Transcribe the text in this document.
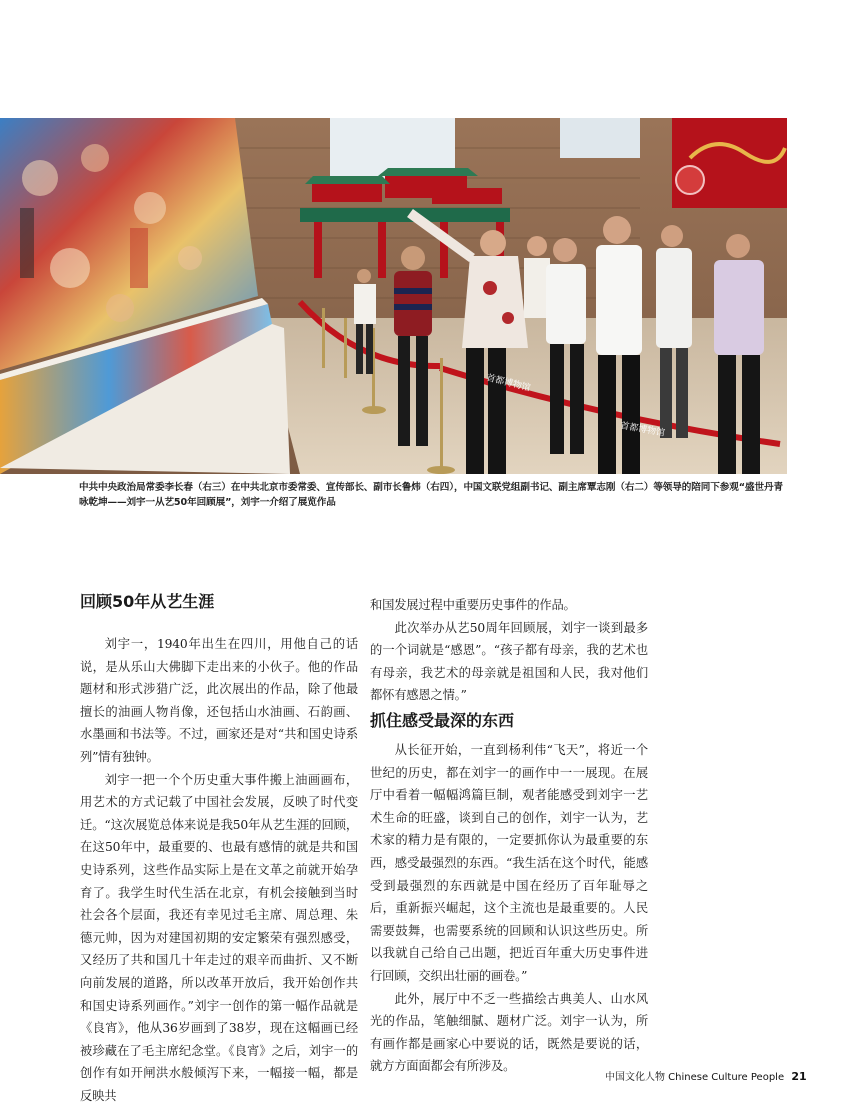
首都博物馆
首都博物馆
中共中央政治局常委李长春（右三）在中共北京市委常委、宣传部长、副市长鲁炜（右四），中国文联党组副书记、副主席覃志刚（右二）等领导的陪同下参观“盛世丹青咏乾坤——刘宇一从艺50年回顾展”，刘宇一介绍了展览作品
回顾50年从艺生涯

刘宇一，1940年出生在四川，用他自己的话说，是从乐山大佛脚下走出来的小伙子。他的作品题材和形式涉猎广泛，此次展出的作品，除了他最擅长的油画人物肖像，还包括山水油画、石韵画、水墨画和书法等。不过，画家还是对“共和国史诗系列”情有独钟。

刘宇一把一个个历史重大事件搬上油画画布，用艺术的方式记载了中国社会发展，反映了时代变迁。“这次展览总体来说是我50年从艺生涯的回顾，在这50年中，最重要的、也最有感情的就是共和国史诗系列，这些作品实际上是在文革之前就开始孕育了。我学生时代生活在北京，有机会接触到当时社会各个层面，我还有幸见过毛主席、周总理、朱德元帅，因为对建国初期的安定繁荣有强烈感受，又经历了共和国几十年走过的艰辛而曲折、又不断向前发展的道路，所以改革开放后，我开始创作共和国史诗系列画作。”刘宇一创作的第一幅作品就是《良宵》，他从36岁画到了38岁，现在这幅画已经被珍藏在了毛主席纪念堂。《良宵》之后，刘宇一的创作有如开闸洪水般倾泻下来，一幅接一幅，都是反映共

和国发展过程中重要历史事件的作品。

此次举办从艺50周年回顾展，刘宇一谈到最多的一个词就是“感恩”。“孩子都有母亲，我的艺术也有母亲，我艺术的母亲就是祖国和人民，我对他们都怀有感恩之情。”

抓住感受最深的东西

从长征开始，一直到杨利伟“飞天”，将近一个世纪的历史，都在刘宇一的画作中一一展现。在展厅中看着一幅幅鸿篇巨制，观者能感受到刘宇一艺术生命的旺盛，谈到自己的创作，刘宇一认为，艺术家的精力是有限的，一定要抓你认为最重要的东西，感受最强烈的东西。“我生活在这个时代，能感受到最强烈的东西就是中国在经历了百年耻辱之后，重新振兴崛起，这个主流也是最重要的。人民需要鼓舞，也需要系统的回顾和认识这些历史。所以我就自己给自己出题，把近百年重大历史事件进行回顾，交织出壮丽的画卷。”

此外，展厅中不乏一些描绘古典美人、山水风光的作品，笔触细腻、题材广泛。刘宇一认为，所有画作都是画家心中要说的话，既然是要说的话，就方方面面都会有所涉及。

中国文化人物 Chinese Culture People 21
